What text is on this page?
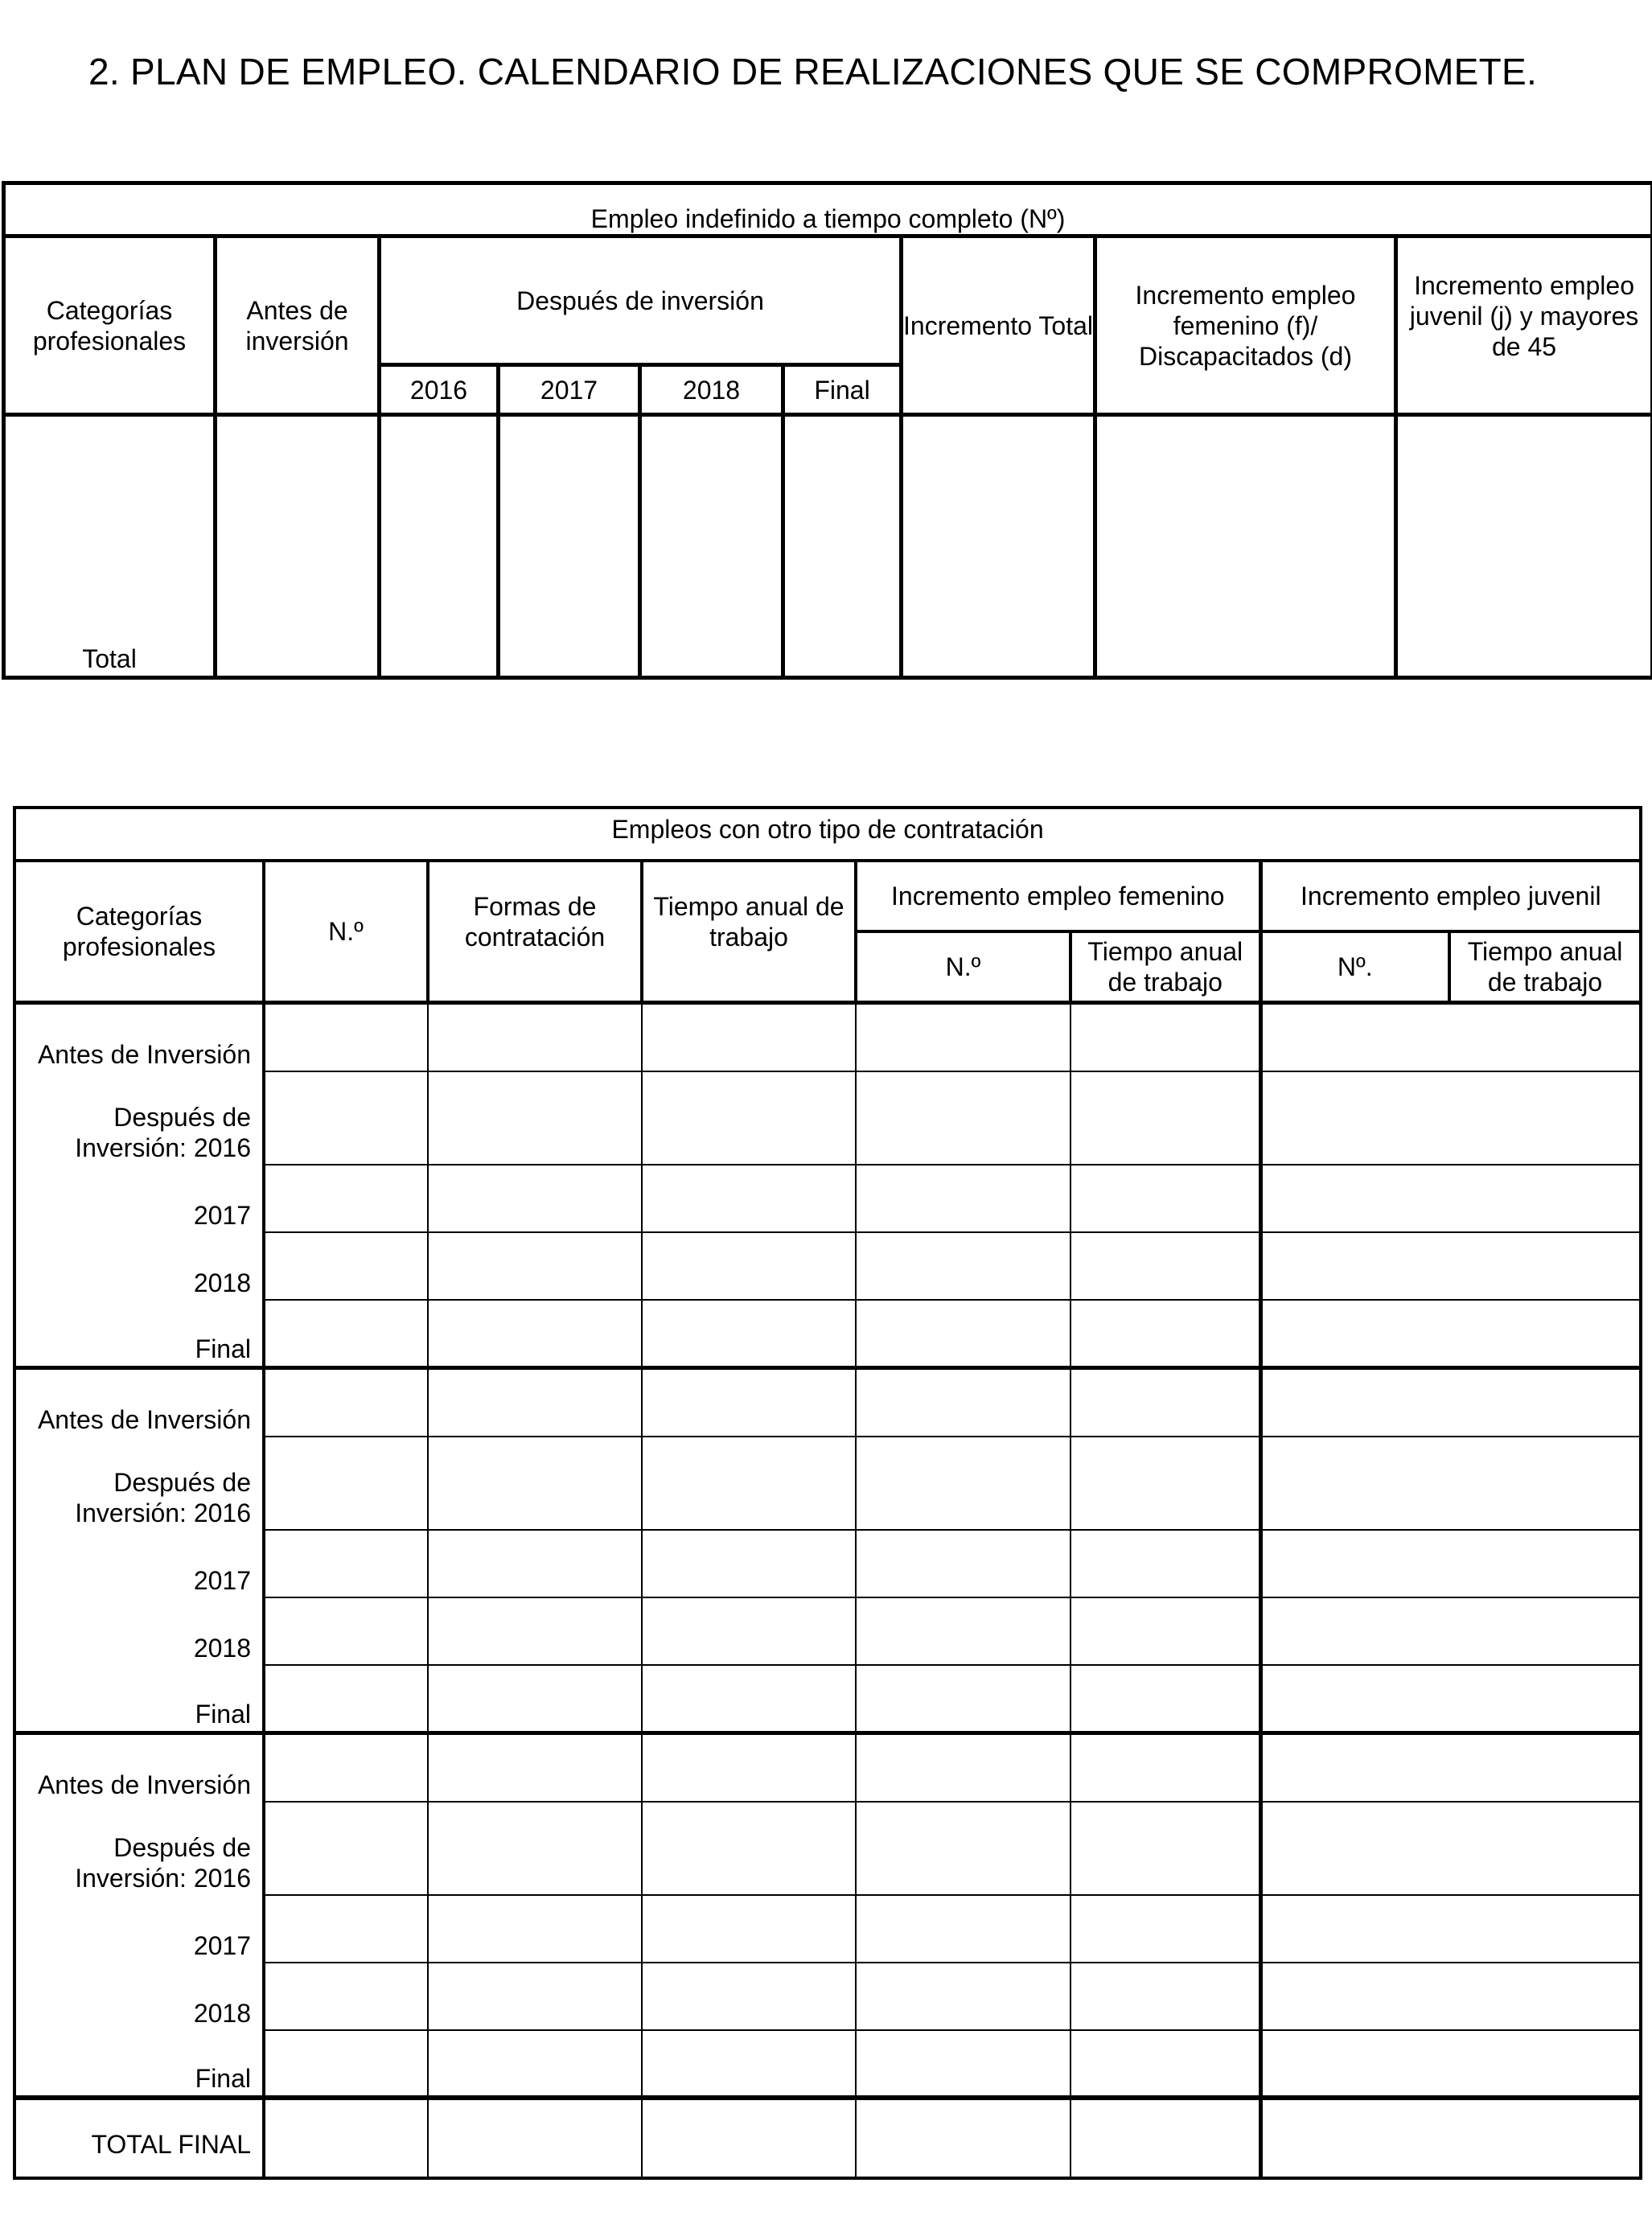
2. PLAN DE EMPLEO. CALENDARIO DE REALIZACIONES QUE SE COMPROMETE.
Empleo indefinido a tiempo completo (Nº)								
Categorías profesionales	Antes de inversión	Después de inversión				Incremento Total	Incremento empleo femenino (f)/ Discapacitados (d)	Incremento empleo juvenil (j) y mayores de 45
		2016	2017	2018	Final			
Total								
Empleos con otro tipo de contratación							
Categorías profesionales	N.º	Formas de contratación	Tiempo anual de trabajo	Incremento empleo femenino		Incremento empleo juvenil	
				N.º	Tiempo anual de trabajo	Nº.	Tiempo anual de trabajo
Antes de Inversión							
Después de Inversión: 2016							
2017							
2018							
Final							
Antes de Inversión							
Después de Inversión: 2016							
2017							
2018							
Final							
Antes de Inversión							
Después de Inversión: 2016							
2017							
2018							
Final							
TOTAL FINAL							
